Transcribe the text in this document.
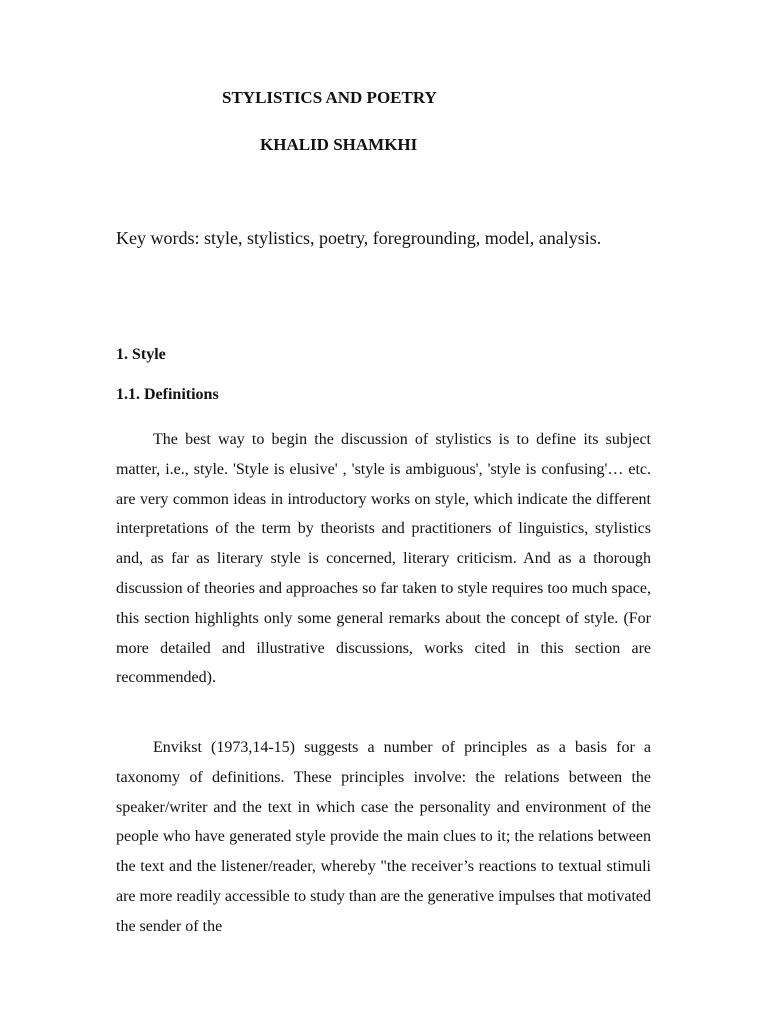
STYLISTICS AND POETRY
KHALID SHAMKHI

Key words: style, stylistics, poetry, foregrounding, model, analysis.

1. Style
1.1. Definitions

The best way to begin the discussion of stylistics is to define its subject matter, i.e., style. 'Style is elusive' , 'style is ambiguous', 'style is confusing'… etc. are very common ideas in introductory works on style, which indicate the different interpretations of the term by theorists and practitioners of linguistics, stylistics and, as far as literary style is concerned, literary criticism. And as a thorough discussion of theories and approaches so far taken to style requires too much space, this section highlights only some general remarks about the concept of style. (For more detailed and illustrative discussions, works cited in this section are recommended).

Envikst (1973,14-15) suggests a number of principles as a basis for a taxonomy of definitions. These principles involve: the relations between the speaker/writer and the text in which case the personality and environment of the people who have generated style provide the main clues to it; the relations between the text and the listener/reader, whereby "the receiver’s reactions to textual stimuli are more readily accessible to study than are the generative impulses that motivated the sender of the
